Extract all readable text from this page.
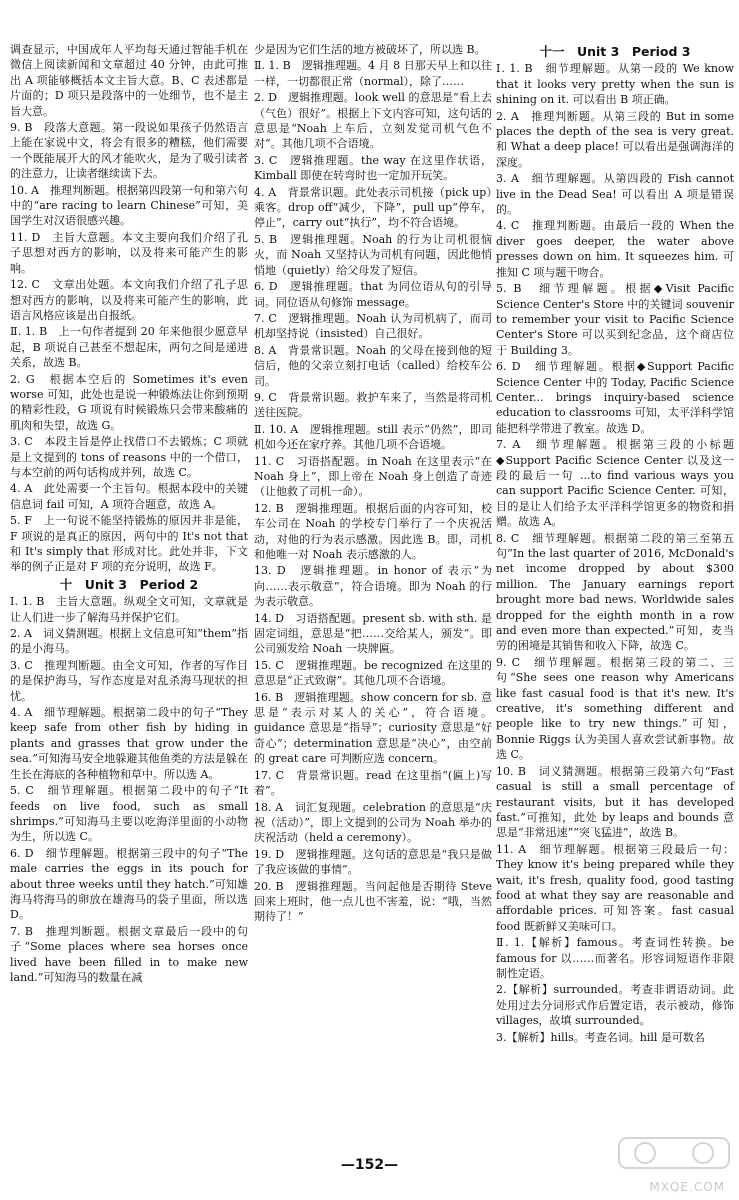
调查显示，中国成年人平均每天通过智能手机在微信上阅读新闻和文章超过 40 分钟，由此可推出 A 项能够概括本文主旨大意。B、C 表述都是片面的；D 项只是段落中的一处细节，也不是主旨大意。

9. B　段落大意题。第一段说如果孩子仍然语言上能在家说中文，将会有很多的糟糕，他们需要一个既能展开大的风才能吹火，是为了吸引读者的注意力，让读者继续读下去。

10. A　推理判断题。根据第四段第一句和第六句中的“are racing to learn Chinese”可知，美国学生对汉语很感兴趣。

11. D　主旨大意题。本文主要向我们介绍了孔子思想对西方的影响，以及将来可能产生的影响。

12. C　文章出处题。本文向我们介绍了孔子思想对西方的影响，以及将来可能产生的影响，此语言风格应该是出自报纸。

Ⅱ. 1. B　上一句作者提到 20 年来他很少愿意早起，B 项说自己甚至不想起床，两句之间是递进关系，故选 B。

2. G　根据本空后的 Sometimes it's even worse 可知，此处也是说一种锻炼法让你到预期的精彩性段，G 项说有时候锻炼只会带来酸痛的肌肉和失望，故选 G。

3. C　本段主旨是停止找借口不去锻炼；C 项就是上文提到的 tons of reasons 中的一个借口，与本空前的两句话构成并列，故选 C。

4. A　此处需要一个主旨句。根据本段中的关键信息词 fail 可知，A 项符合题意，故选 A。

5. F　上一句说不能坚持锻炼的原因并非是能，F 项说的是真正的原因，两句中的 It's not that 和 It's simply that 形成对比。此处并非，下文举的例子正是对 F 项的充分说明，故选 F。

十　Unit 3　Period 2

Ⅰ. 1. B　主旨大意题。纵观全文可知，文章就是让人们进一步了解海马并保护它们。

2. A　词义猜测题。根据上文信息可知“them”指的是小海马。

3. C　推理判断题。由全文可知，作者的写作目的是保护海马，写作态度是对乱杀海马现状的担忧。

4. A　细节理解题。根据第二段中的句子“They keep safe from other fish by hiding in plants and grasses that grow under the sea.”可知海马安全地躲避其他鱼类的方法是躲在生长在海底的各种植物和草中。所以选 A。

5. C　细节理解题。根据第二段中的句子“It feeds on live food, such as small shrimps.”可知海马主要以吃海洋里面的小动物为生，所以选 C。

6. D　细节理解题。根据第三段中的句子“The male carries the eggs in its pouch for about three weeks until they hatch.”可知雄海马将海马的卵放在雄海马的袋子里面，所以选 D。

7. B　推理判断题。根据文章最后一段中的句子“Some places where sea horses once lived have been filled in to make new land.”可知海马的数量在减

少是因为它们生活的地方被破坏了，所以选 B。

Ⅱ. 1. B　逻辑推理题。4 月 8 日那天早上和以往一样，一切都很正常（normal），除了……

2. D　逻辑推理题。look well 的意思是“看上去（气色）很好”。根据上下文内容可知，这句话的意思是“Noah 上车后，立刻发觉司机气色不对”。其他几项不合语境。

3. C　逻辑推理题。the way 在这里作状语，Kimball 即使在转弯时也一定加开玩笑。

4. A　背景常识题。此处表示司机接（pick up）乘客。drop off“减少，下降”，pull up“停车，停止”，carry out“执行”，均不符合语境。

5. B　逻辑推理题。Noah 的行为让司机很恼火，而 Noah 又坚持认为司机有问题，因此他悄悄地（quietly）给父母发了短信。

6. D　逻辑推理题。that 为同位语从句的引导词。同位语从句修饰 message。

7. C　逻辑推理题。Noah 认为司机病了，而司机却坚持说（insisted）自己很好。

8. A　背景常识题。Noah 的父母在接到他的短信后，他的父亲立刻打电话（called）给校车公司。

9. C　背景常识题。救护车来了，当然是将司机送往医院。

Ⅱ. 10. A　逻辑推理题。still 表示“仍然”，即司机如今还在家疗养。其他几项不合语境。

11. C　习语搭配题。in Noah 在这里表示“在 Noah 身上”，即上帝在 Noah 身上创造了奇迹（让他救了司机一命）。

12. B　逻辑推理题。根据后面的内容可知，校车公司在 Noah 的学校专门举行了一个庆祝活动，对他的行为表示感激。因此选 B。即，司机和他唯一对 Noah 表示感激的人。

13. D　逻辑推理题。in honor of 表示“为向……表示敬意”，符合语境。即为 Noah 的行为表示敬意。

14. D　习语搭配题。present sb. with sth. 是固定词组，意思是“把……交给某人，颁发”。即公司颁发给 Noah 一块牌匾。

15. C　逻辑推理题。be recognized 在这里的意思是“正式致谢”。其他几项不合语境。

16. B　逻辑推理题。show concern for sb. 意思是“表示对某人的关心”，符合语境。guidance 意思是“指导”；curiosity 意思是“好奇心”；determination 意思是“决心”，由空前的 great care 可判断应选 concern。

17. C　背景常识题。read 在这里指“(匾上)写着”。

18. A　词汇复现题。celebration 的意思是“庆祝（活动）”，即上文提到的公司为 Noah 举办的庆祝活动（held a ceremony）。

19. D　逻辑推理题。这句话的意思是“我只是做了我应该做的事情”。

20. B　逻辑推理题。当问起他是否期待 Steve 回来上班时，他一点儿也不害羞，说：“哦，当然期待了！”

十一　Unit 3　Period 3

Ⅰ. 1. B　细节理解题。从第一段的 We know that it looks very pretty when the sun is shining on it. 可以看出 B 项正确。

2. A　推理判断题。从第三段的 But in some places the depth of the sea is very great. 和 What a deep place! 可以看出是强调海洋的深度。

3. A　细节理解题。从第四段的 Fish cannot live in the Dead Sea! 可以看出 A 项是错误的。

4. C　推理判断题。由最后一段的 When the diver goes deeper, the water above presses down on him. It squeezes him. 可推知 C 项与题干吻合。

5. B　细节理解题。根据◆Visit Pacific Science Center's Store 中的关键词 souvenir to remember your visit to Pacific Science Center's Store 可以买到纪念品，这个商店位于 Building 3。

6. D　细节理解题。根据◆Support Pacific Science Center 中的 Today, Pacific Science Center... brings inquiry-based science education to classrooms 可知，太平洋科学馆能把科学带进了教室。故选 D。

7. A　细节理解题。根据第三段的小标题◆Support Pacific Science Center 以及这一段的最后一句 ...to find various ways you can support Pacific Science Center. 可知，目的是让人们给予太平洋科学馆更多的物资和捐赠。故选 A。

8. C　细节理解题。根据第二段的第三至第五句“In the last quarter of 2016, McDonald's net income dropped by about $300 million. The January earnings report brought more bad news. Worldwide sales dropped for the eighth month in a row and even more than expected.”可知，麦当劳的困境是其销售和收入下降，故选 C。

9. C　细节理解题。根据第三段的第二、三句“She sees one reason why Americans like fast casual food is that it's new. It's creative, it's something different and people like to try new things.”可知，Bonnie Riggs 认为美国人喜欢尝试新事物。故选 C。

10. B　词义猜测题。根据第三段第六句“Fast casual is still a small percentage of restaurant visits, but it has developed fast.”可推知，此处 by leaps and bounds 意思是“非常迅速”“突飞猛进”，故选 B。

11. A　细节理解题。根据第三段最后一句：They know it's being prepared while they wait, it's fresh, quality food, good tasting food at what they say are reasonable and affordable prices. 可知答案。fast casual food 既新鲜又美味可口。

Ⅱ. 1.【解析】famous。考查词性转换。be famous for 以……而著名。形容词短语作非限制性定语。

2.【解析】surrounded。考查非谓语动词。此处用过去分词形式作后置定语，表示被动，修饰 villages，故填 surrounded。

3.【解析】hills。考查名词。hill 是可数名

—152—
MXQE.COM
